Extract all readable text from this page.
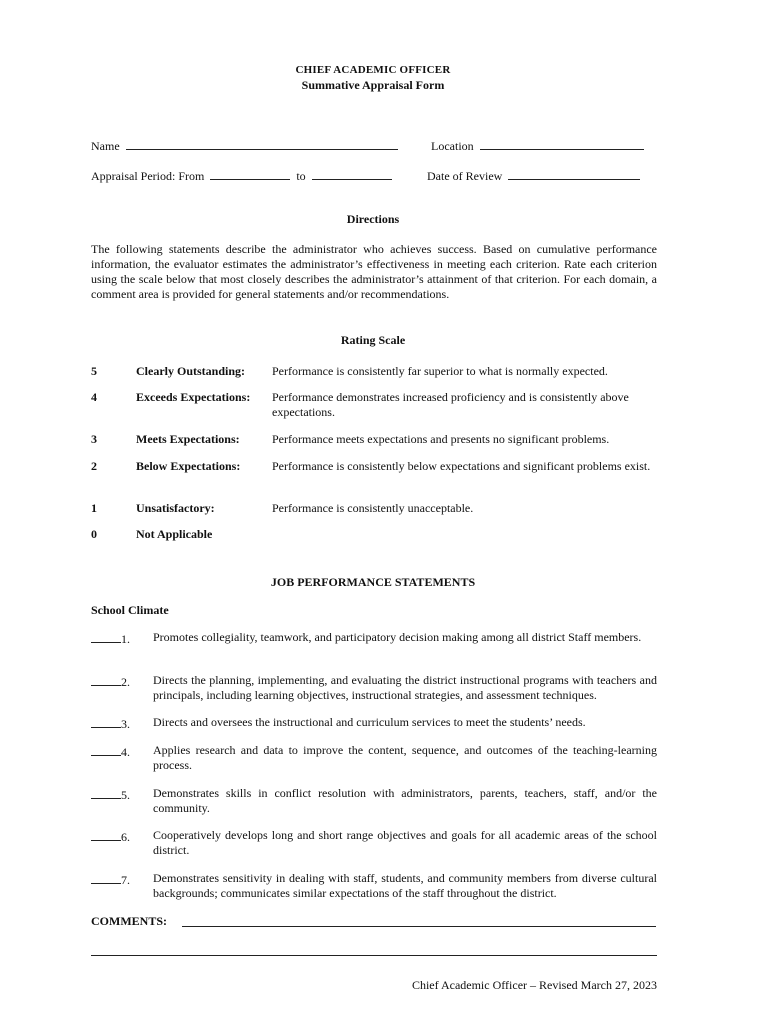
CHIEF ACADEMIC OFFICER
Summative Appraisal Form
Name	Location
Appraisal Period: From	to	Date of Review
Directions
The following statements describe the administrator who achieves success. Based on cumulative performance information, the evaluator estimates the administrator’s effectiveness in meeting each criterion. Rate each criterion using the scale below that most closely describes the administrator’s attainment of that criterion. For each domain, a comment area is provided for general statements and/or recommendations.
Rating Scale
5	Clearly Outstanding: Performance is consistently far superior to what is normally expected.
4	Exceeds Expectations: Performance demonstrates increased proficiency and is consistently above expectations.
3	Meets Expectations:	Performance meets expectations and presents no significant problems.
2	Below Expectations:	Performance is consistently below expectations and significant problems exist.
1	Unsatisfactory:	Performance is consistently unacceptable.
0	Not Applicable
JOB PERFORMANCE STATEMENTS
School Climate
1. Promotes collegiality, teamwork, and participatory decision making among all district Staff members.
2. Directs the planning, implementing, and evaluating the district instructional programs with teachers and principals, including learning objectives, instructional strategies, and assessment techniques.
3. Directs and oversees the instructional and curriculum services to meet the students’ needs.
4. Applies research and data to improve the content, sequence, and outcomes of the teaching-learning process.
5. Demonstrates skills in conflict resolution with administrators, parents, teachers, staff, and/or the community.
6. Cooperatively develops long and short range objectives and goals for all academic areas of the school district.
7. Demonstrates sensitivity in dealing with staff, students, and community members from diverse cultural backgrounds; communicates similar expectations of the staff throughout the district.
COMMENTS:
Chief Academic Officer – Revised March 27, 2023
